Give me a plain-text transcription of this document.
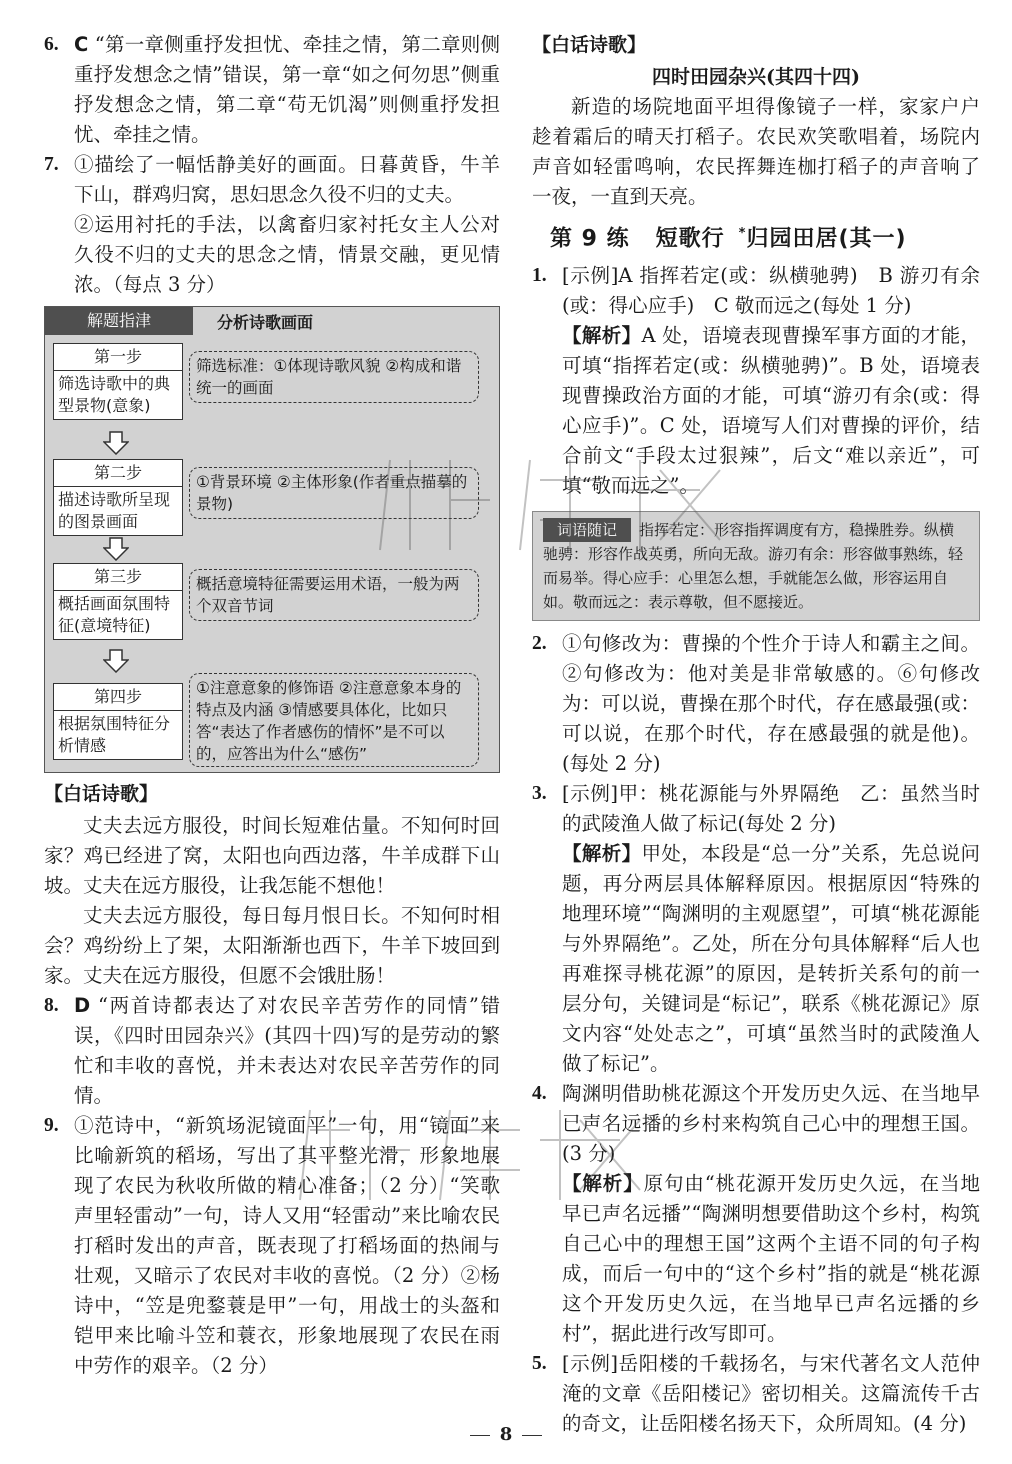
6. C “第一章侧重抒发担忧、牵挂之情，第二章则侧重抒发想念之情”错误，第一章“如之何勿思”侧重抒发想念之情，第二章“苟无饥渴”则侧重抒发担忧、牵挂之情。
7. ①描绘了一幅恬静美好的画面。日暮黄昏，牛羊下山，群鸡归窝，思妇思念久役不归的丈夫。
②运用衬托的手法，以禽畜归家衬托女主人公对久役不归的丈夫的思念之情，情景交融，更见情浓。（每点 3 分）
解题指津	分析诗歌画面
第一步
筛选诗歌中的典型景物(意象)
筛选标准：①体现诗歌风貌 ②构成和谐统一的画面
第二步
描述诗歌所呈现的图景画面
①背景环境 ②主体形象(作者重点描摹的景物)
第三步
概括画面氛围特征(意境特征)
概括意境特征需要运用术语，一般为两个双音节词
第四步
根据氛围特征分析情感
①注意意象的修饰语 ②注意意象本身的特点及内涵 ③情感要具体化，比如只答“表达了作者感伤的情怀”是不可以的，应答出为什么“感伤”
【白话诗歌】

丈夫去远方服役，时间长短难估量。不知何时回家？鸡已经进了窝，太阳也向西边落，牛羊成群下山坡。丈夫在远方服役，让我怎能不想他！

丈夫去远方服役，每日每月恨日长。不知何时相会？鸡纷纷上了架，太阳渐渐也西下，牛羊下坡回到家。丈夫在远方服役，但愿不会饿肚肠！

8. D “两首诗都表达了对农民辛苦劳作的同情”错误，《四时田园杂兴》(其四十四)写的是劳动的繁忙和丰收的喜悦，并未表达对农民辛苦劳作的同情。
9. ①范诗中，“新筑场泥镜面平”一句，用“镜面”来比喻新筑的稻场，写出了其平整光滑，形象地展现了农民为秋收所做的精心准备；（2 分）“笑歌声里轻雷动”一句，诗人又用“轻雷动”来比喻农民打稻时发出的声音，既表现了打稻场面的热闹与壮观，又暗示了农民对丰收的喜悦。（2 分）②杨诗中，“笠是兜鍪蓑是甲”一句，用战士的头盔和铠甲来比喻斗笠和蓑衣，形象地展现了农民在雨中劳作的艰辛。（2 分）
【白话诗歌】
四时田园杂兴(其四十四)

新造的场院地面平坦得像镜子一样，家家户户趁着霜后的晴天打稻子。农民欢笑歌唱着，场院内声音如轻雷鸣响，农民挥舞连枷打稻子的声音响了一夜，一直到天亮。

第 9 练 短歌行 *归园田居(其一)
1. [示例]A 指挥若定(或：纵横驰骋)　B 游刃有余(或：得心应手)　C 敬而远之(每处 1 分)
【解析】A 处，语境表现曹操军事方面的才能，可填“指挥若定(或：纵横驰骋)”。B 处，语境表现曹操政治方面的才能，可填“游刃有余(或：得心应手)”。C 处，语境写人们对曹操的评价，结合前文“手段太过狠辣”，后文“难以亲近”，可填“敬而远之”。
词语随记 指挥若定：形容指挥调度有方，稳操胜券。纵横驰骋：形容作战英勇，所向无敌。游刃有余：形容做事熟练，轻而易举。得心应手：心里怎么想，手就能怎么做，形容运用自如。敬而远之：表示尊敬，但不愿接近。
2. ①句修改为：曹操的个性介于诗人和霸主之间。②句修改为：他对美是非常敏感的。⑥句修改为：可以说，曹操在那个时代，存在感最强(或：可以说，在那个时代，存在感最强的就是他)。(每处 2 分)
3. [示例]甲：桃花源能与外界隔绝　乙：虽然当时的武陵渔人做了标记(每处 2 分)
【解析】甲处，本段是“总一分”关系，先总说问题，再分两层具体解释原因。根据原因“特殊的地理环境”“陶渊明的主观愿望”，可填“桃花源能与外界隔绝”。乙处，所在分句具体解释“后人也再难探寻桃花源”的原因，是转折关系句的前一层分句，关键词是“标记”，联系《桃花源记》原文内容“处处志之”，可填“虽然当时的武陵渔人做了标记”。
4. 陶渊明借助桃花源这个开发历史久远、在当地早已声名远播的乡村来构筑自己心中的理想王国。(3 分)
【解析】原句由“桃花源开发历史久远，在当地早已声名远播”“陶渊明想要借助这个乡村，构筑自己心中的理想王国”这两个主语不同的句子构成，而后一句中的“这个乡村”指的就是“桃花源这个开发历史久远，在当地早已声名远播的乡村”，据此进行改写即可。
5. [示例]岳阳楼的千载扬名，与宋代著名文人范仲淹的文章《岳阳楼记》密切相关。这篇流传千古的奇文，让岳阳楼名扬天下，众所周知。(4 分)
8
